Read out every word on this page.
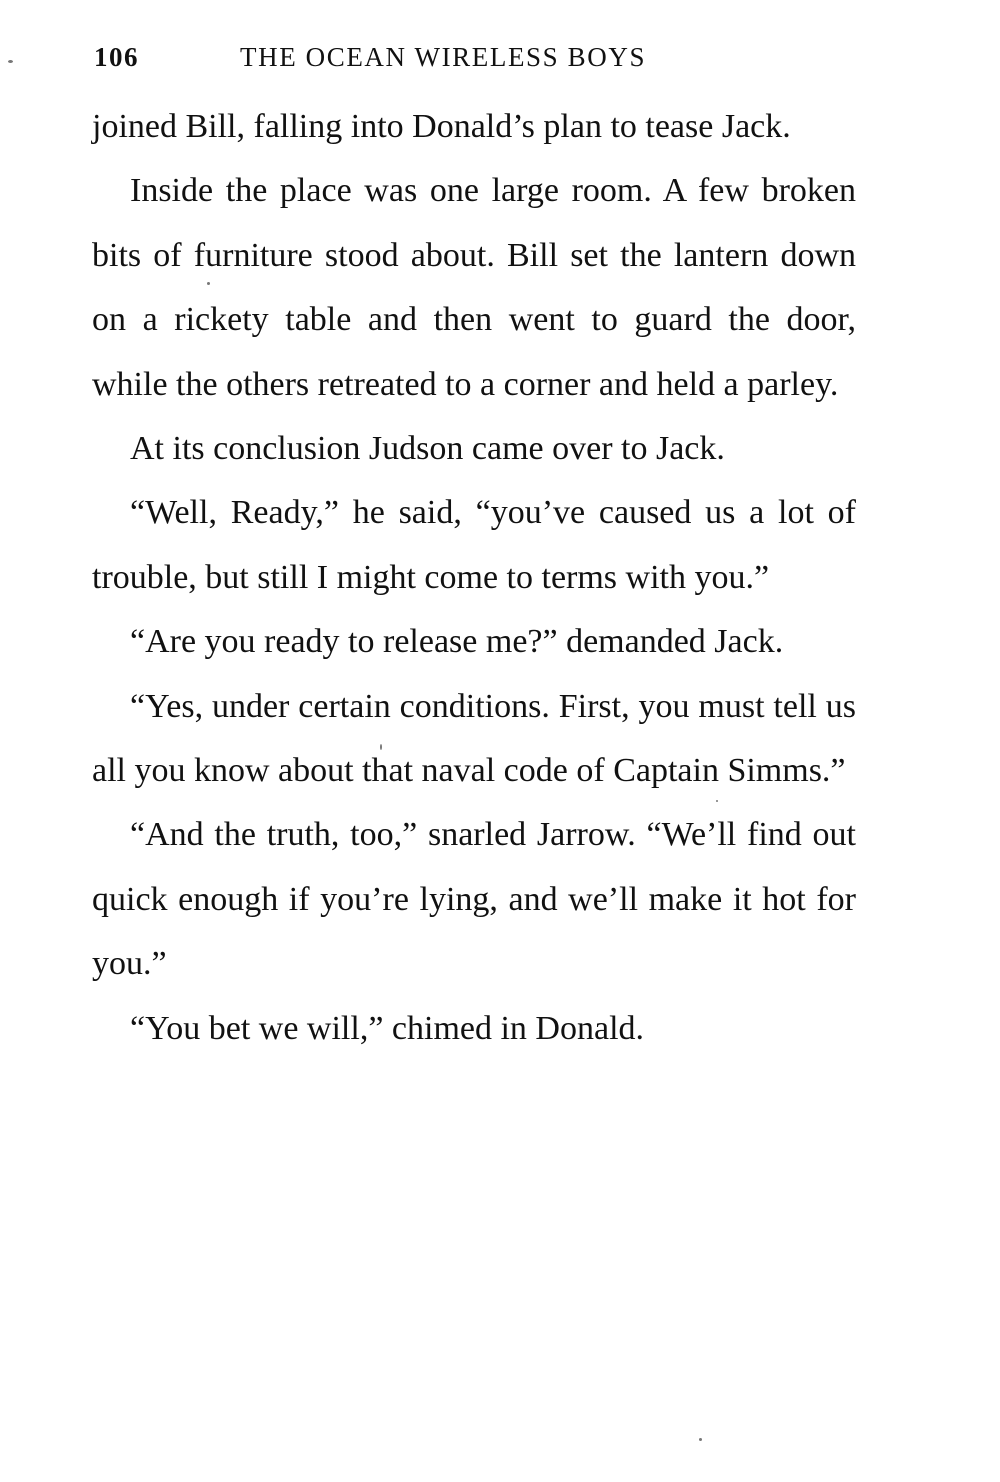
106	THE OCEAN WIRELESS BOYS

joined Bill, falling into Donald’s plan to tease Jack.

Inside the place was one large room. A few broken bits of furniture stood about. Bill set the lantern down on a rickety table and then went to guard the door, while the others retreated to a corner and held a parley.

At its conclusion Judson came over to Jack.

“Well, Ready,” he said, “you’ve caused us a lot of trouble, but still I might come to terms with you.”

“Are you ready to release me?” demanded Jack.

“Yes, under certain conditions. First, you must tell us all you know about that naval code of Captain Simms.”

“And the truth, too,” snarled Jarrow. “We’ll find out quick enough if you’re lying, and we’ll make it hot for you.”

“You bet we will,” chimed in Donald.
